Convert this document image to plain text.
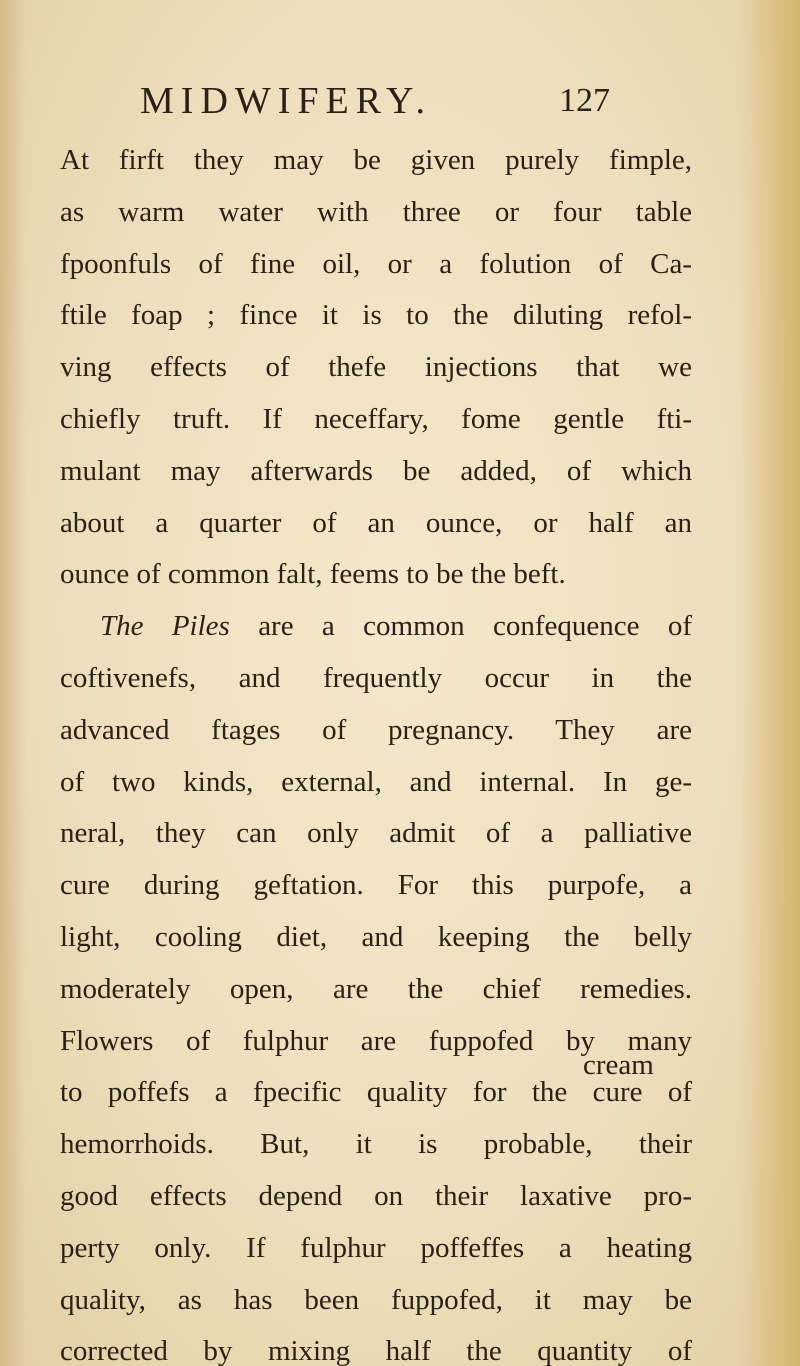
MIDWIFERY.	127
At firft they may be given purely fimple,
as warm water with three or four table
fpoonfuls of fine oil, or a folution of Ca-
ftile foap ; fince it is to the diluting refol-
ving effects of thefe injections that we
chiefly truft. If neceffary, fome gentle fti-
mulant may afterwards be added, of which
about a quarter of an ounce, or half an
ounce of common falt, feems to be the beft.
The Piles are a common confequence of
coftivenefs, and frequently occur in the
advanced ftages of pregnancy. They are
of two kinds, external, and internal. In ge-
neral, they can only admit of a palliative
cure during geftation. For this purpofe, a
light, cooling diet, and keeping the belly
moderately open, are the chief remedies.
Flowers of fulphur are fuppofed by many
to poffefs a fpecific quality for the cure of
hemorrhoids. But, it is probable, their
good effects depend on their laxative pro-
perty only. If fulphur poffeffes a heating
quality, as has been fuppofed, it may be
corrected by mixing half the quantity of
cream
